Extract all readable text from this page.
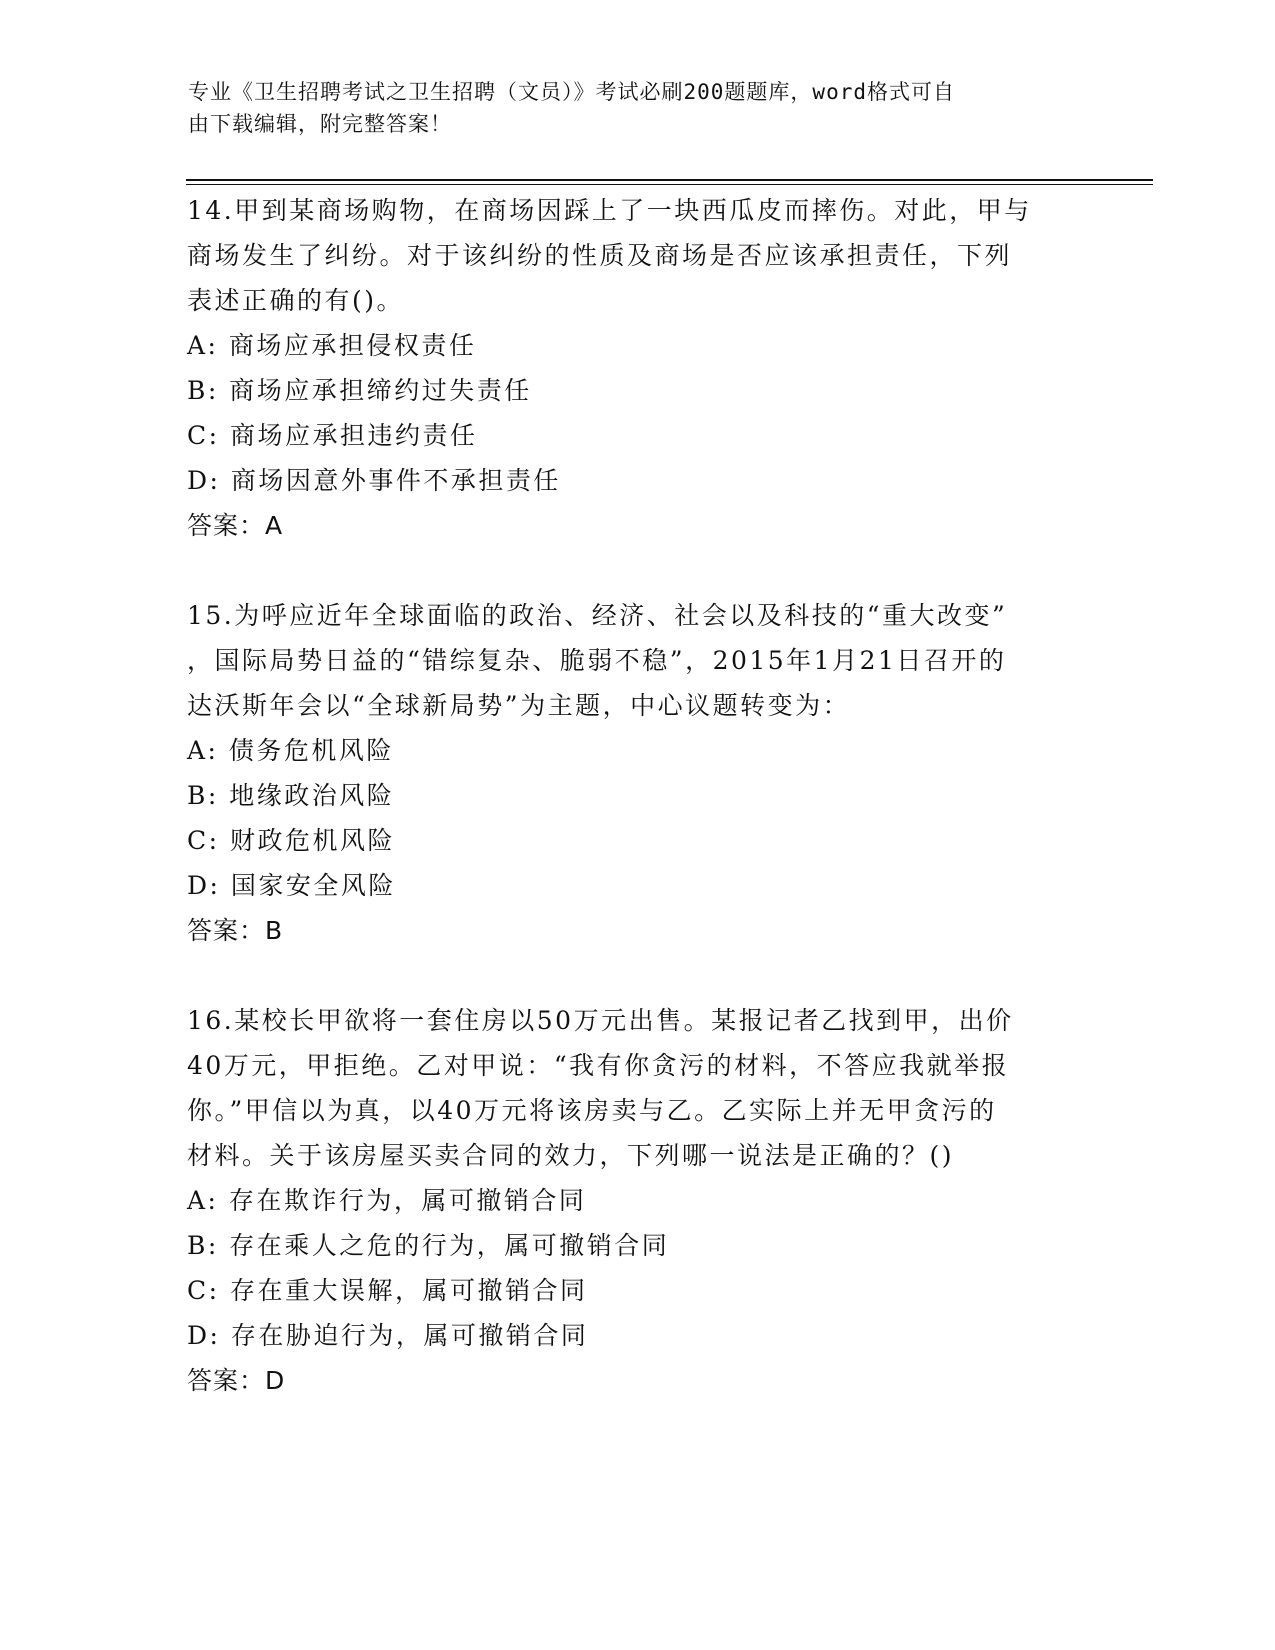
专业《卫生招聘考试之卫生招聘（文员）》考试必刷200题题库，word格式可自
由下载编辑，附完整答案！

14.甲到某商场购物，在商场因踩上了一块西瓜皮而摔伤。对此，甲与

商场发生了纠纷。对于该纠纷的性质及商场是否应该承担责任，下列

表述正确的有()。

A: 商场应承担侵权责任

B: 商场应承担缔约过失责任

C: 商场应承担违约责任

D: 商场因意外事件不承担责任

答案：A

15.为呼应近年全球面临的政治、经济、社会以及科技的“重大改变”

，国际局势日益的“错综复杂、脆弱不稳”，2015年1月21日召开的

达沃斯年会以“全球新局势”为主题，中心议题转变为：

A: 债务危机风险

B: 地缘政治风险

C: 财政危机风险

D: 国家安全风险

答案：B

16.某校长甲欲将一套住房以50万元出售。某报记者乙找到甲，出价

40万元，甲拒绝。乙对甲说：“我有你贪污的材料，不答应我就举报

你。”甲信以为真，以40万元将该房卖与乙。乙实际上并无甲贪污的

材料。关于该房屋买卖合同的效力，下列哪一说法是正确的？()

A: 存在欺诈行为，属可撤销合同

B: 存在乘人之危的行为，属可撤销合同

C: 存在重大误解，属可撤销合同

D: 存在胁迫行为，属可撤销合同

答案：D
